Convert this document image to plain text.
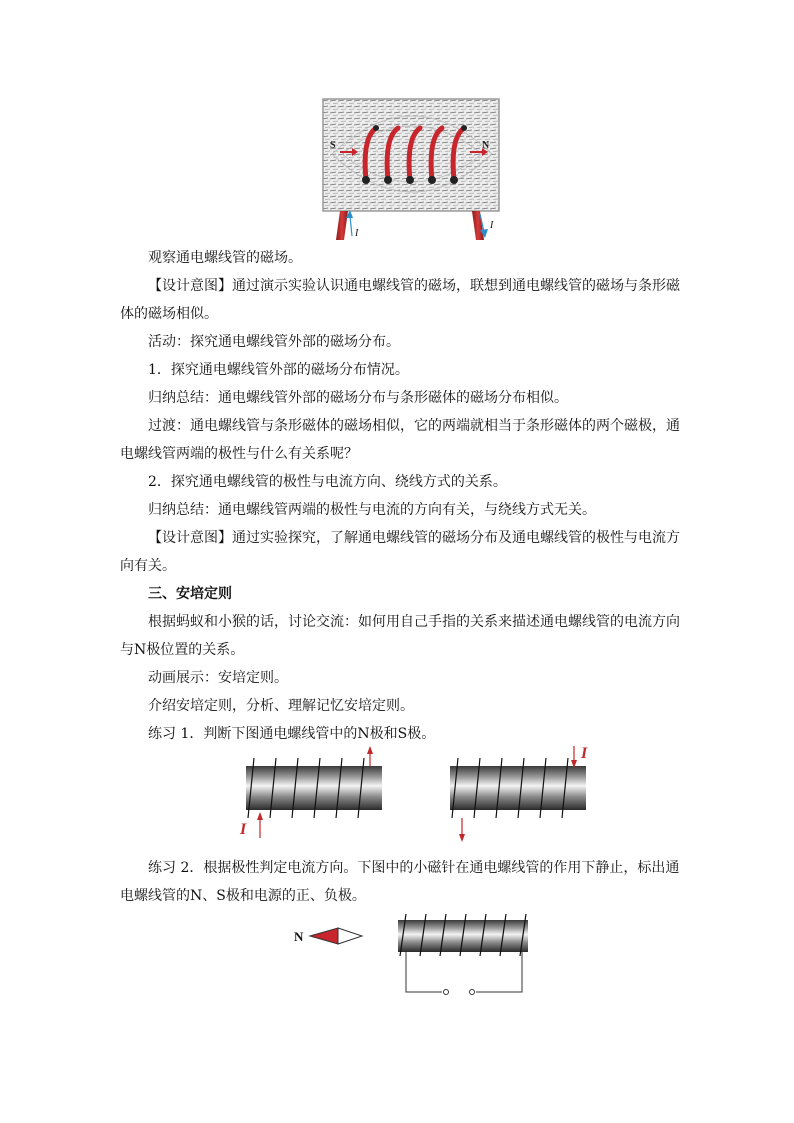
S	N
I
I

观察通电螺线管的磁场。

【设计意图】通过演示实验认识通电螺线管的磁场，联想到通电螺线管的磁场与条形磁体的磁场相似。

活动：探究通电螺线管外部的磁场分布。

1．探究通电螺线管外部的磁场分布情况。

归纳总结：通电螺线管外部的磁场分布与条形磁体的磁场分布相似。

过渡：通电螺线管与条形磁体的磁场相似，它的两端就相当于条形磁体的两个磁极，通电螺线管两端的极性与什么有关系呢？

2．探究通电螺线管的极性与电流方向、绕线方式的关系。

归纳总结：通电螺线管两端的极性与电流的方向有关，与绕线方式无关。

【设计意图】通过实验探究，了解通电螺线管的磁场分布及通电螺线管的极性与电流方向有关。

三、安培定则

根据蚂蚁和小猴的话，讨论交流：如何用自己手指的关系来描述通电螺线管的电流方向与N极位置的关系。

动画展示：安培定则。

介绍安培定则，分析、理解记忆安培定则。

练习 1．判断下图通电螺线管中的N极和S极。

I
I

练习 2．根据极性判定电流方向。下图中的小磁针在通电螺线管的作用下静止，标出通电螺线管的N、S极和电源的正、负极。

N
